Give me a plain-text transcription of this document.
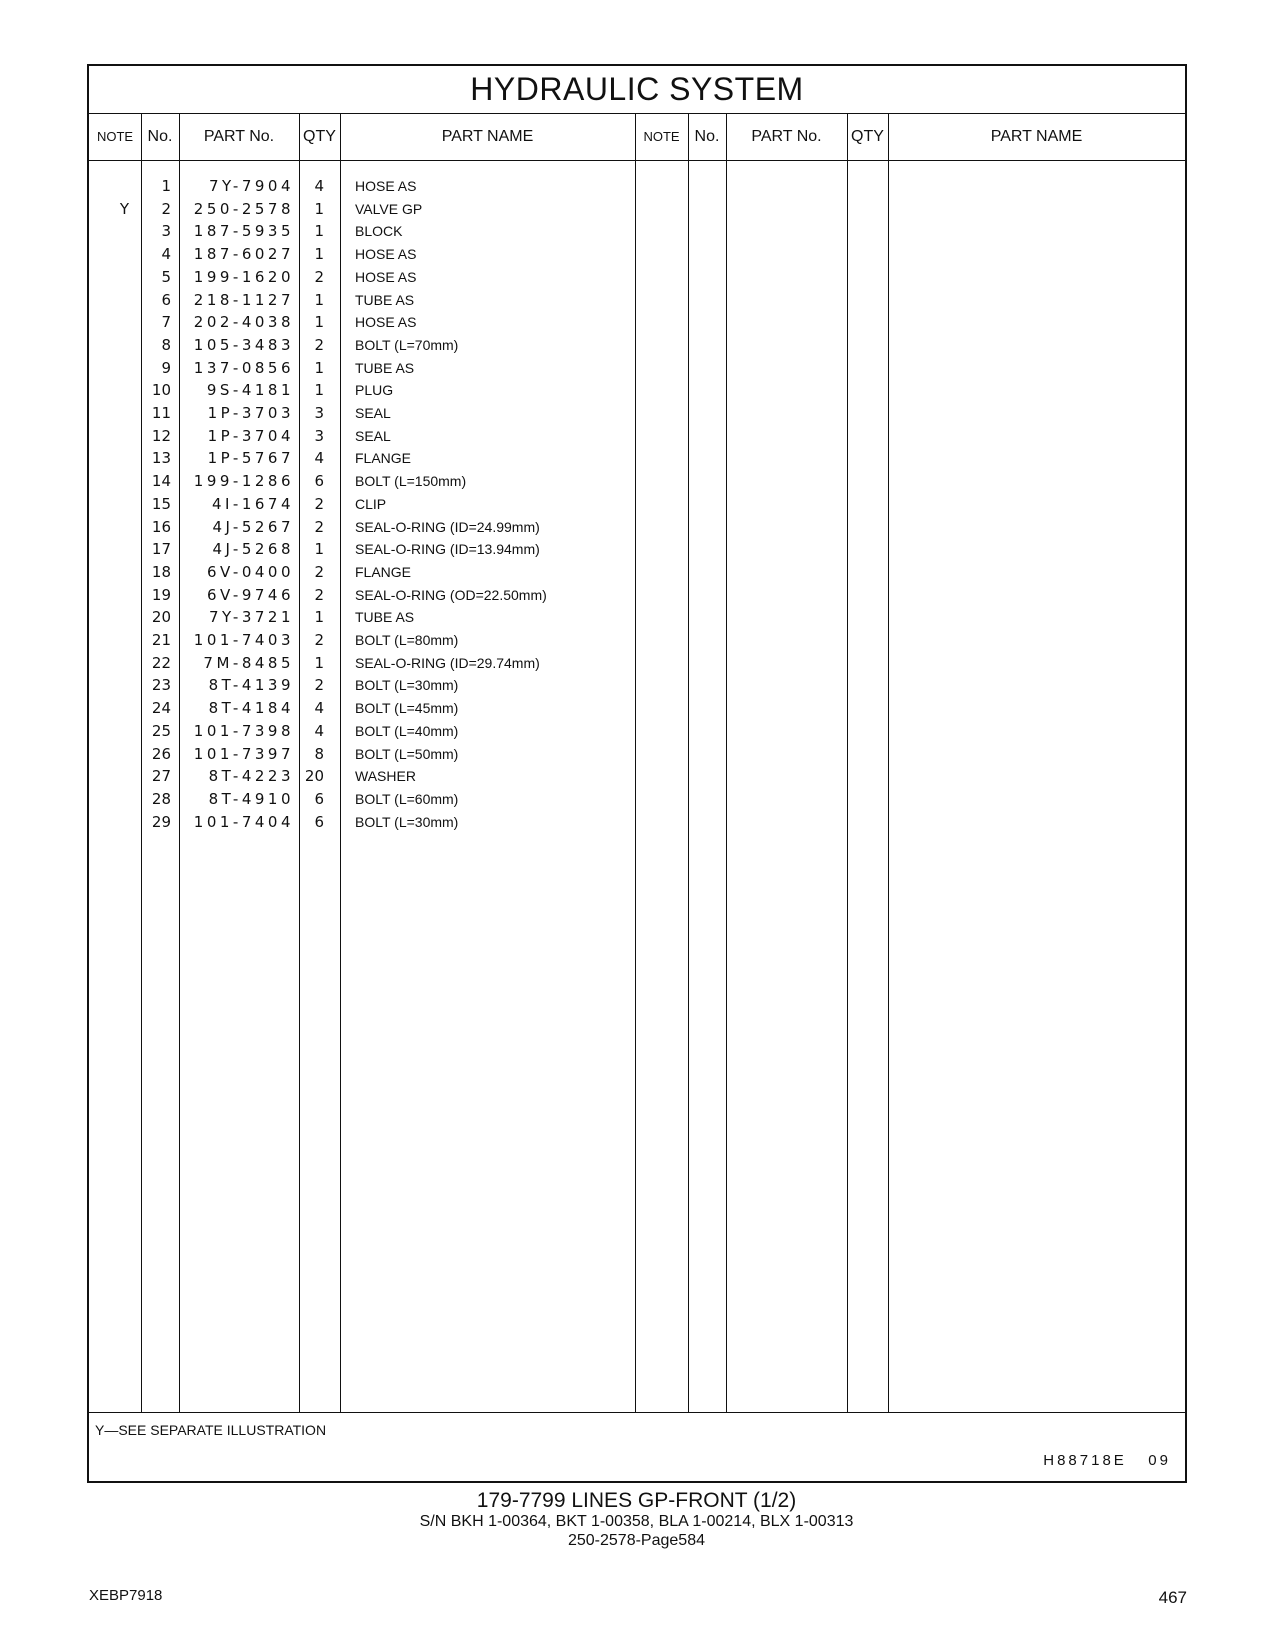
HYDRAULIC SYSTEM
NOTE No.	PART No.	QTY	PART NAME	NOTE No.	PART No.	QTY	PART NAME
1	7Y-7904	4 HOSE AS
Y	2	250-2578	1 VALVE GP
3	187-5935	1 BLOCK
4	187-6027	1 HOSE AS
5	199-1620	2 HOSE AS
6	218-1127	1 TUBE AS
7	202-4038	1 HOSE AS
8	105-3483	2 BOLT (L=70mm)
9	137-0856	1 TUBE AS
10	9S-4181	1 PLUG
11	1P-3703	3 SEAL
12	1P-3704	3 SEAL
13	1P-5767	4 FLANGE
14	199-1286	6 BOLT (L=150mm)
15	4I-1674	2 CLIP
16	4J-5267	2 SEAL-O-RING (ID=24.99mm)
17	4J-5268	1 SEAL-O-RING (ID=13.94mm)
18	6V-0400	2 FLANGE
19	6V-9746	2 SEAL-O-RING (OD=22.50mm)
20	7Y-3721	1 TUBE AS
21	101-7403	2 BOLT (L=80mm)
22	7M-8485	1 SEAL-O-RING (ID=29.74mm)
23	8T-4139	2 BOLT (L=30mm)
24	8T-4184	4 BOLT (L=45mm)
25	101-7398	4 BOLT (L=40mm)
26	101-7397	8 BOLT (L=50mm)
27	8T-4223 20 WASHER
28	8T-4910	6 BOLT (L=60mm)
29	101-7404	6 BOLT (L=30mm)
Y—SEE SEPARATE ILLUSTRATION
H88718E   09
179-7799 LINES GP-FRONT (1/2)
S/N BKH 1-00364, BKT 1-00358, BLA 1-00214, BLX 1-00313
250-2578-Page584
XEBP7918	467
